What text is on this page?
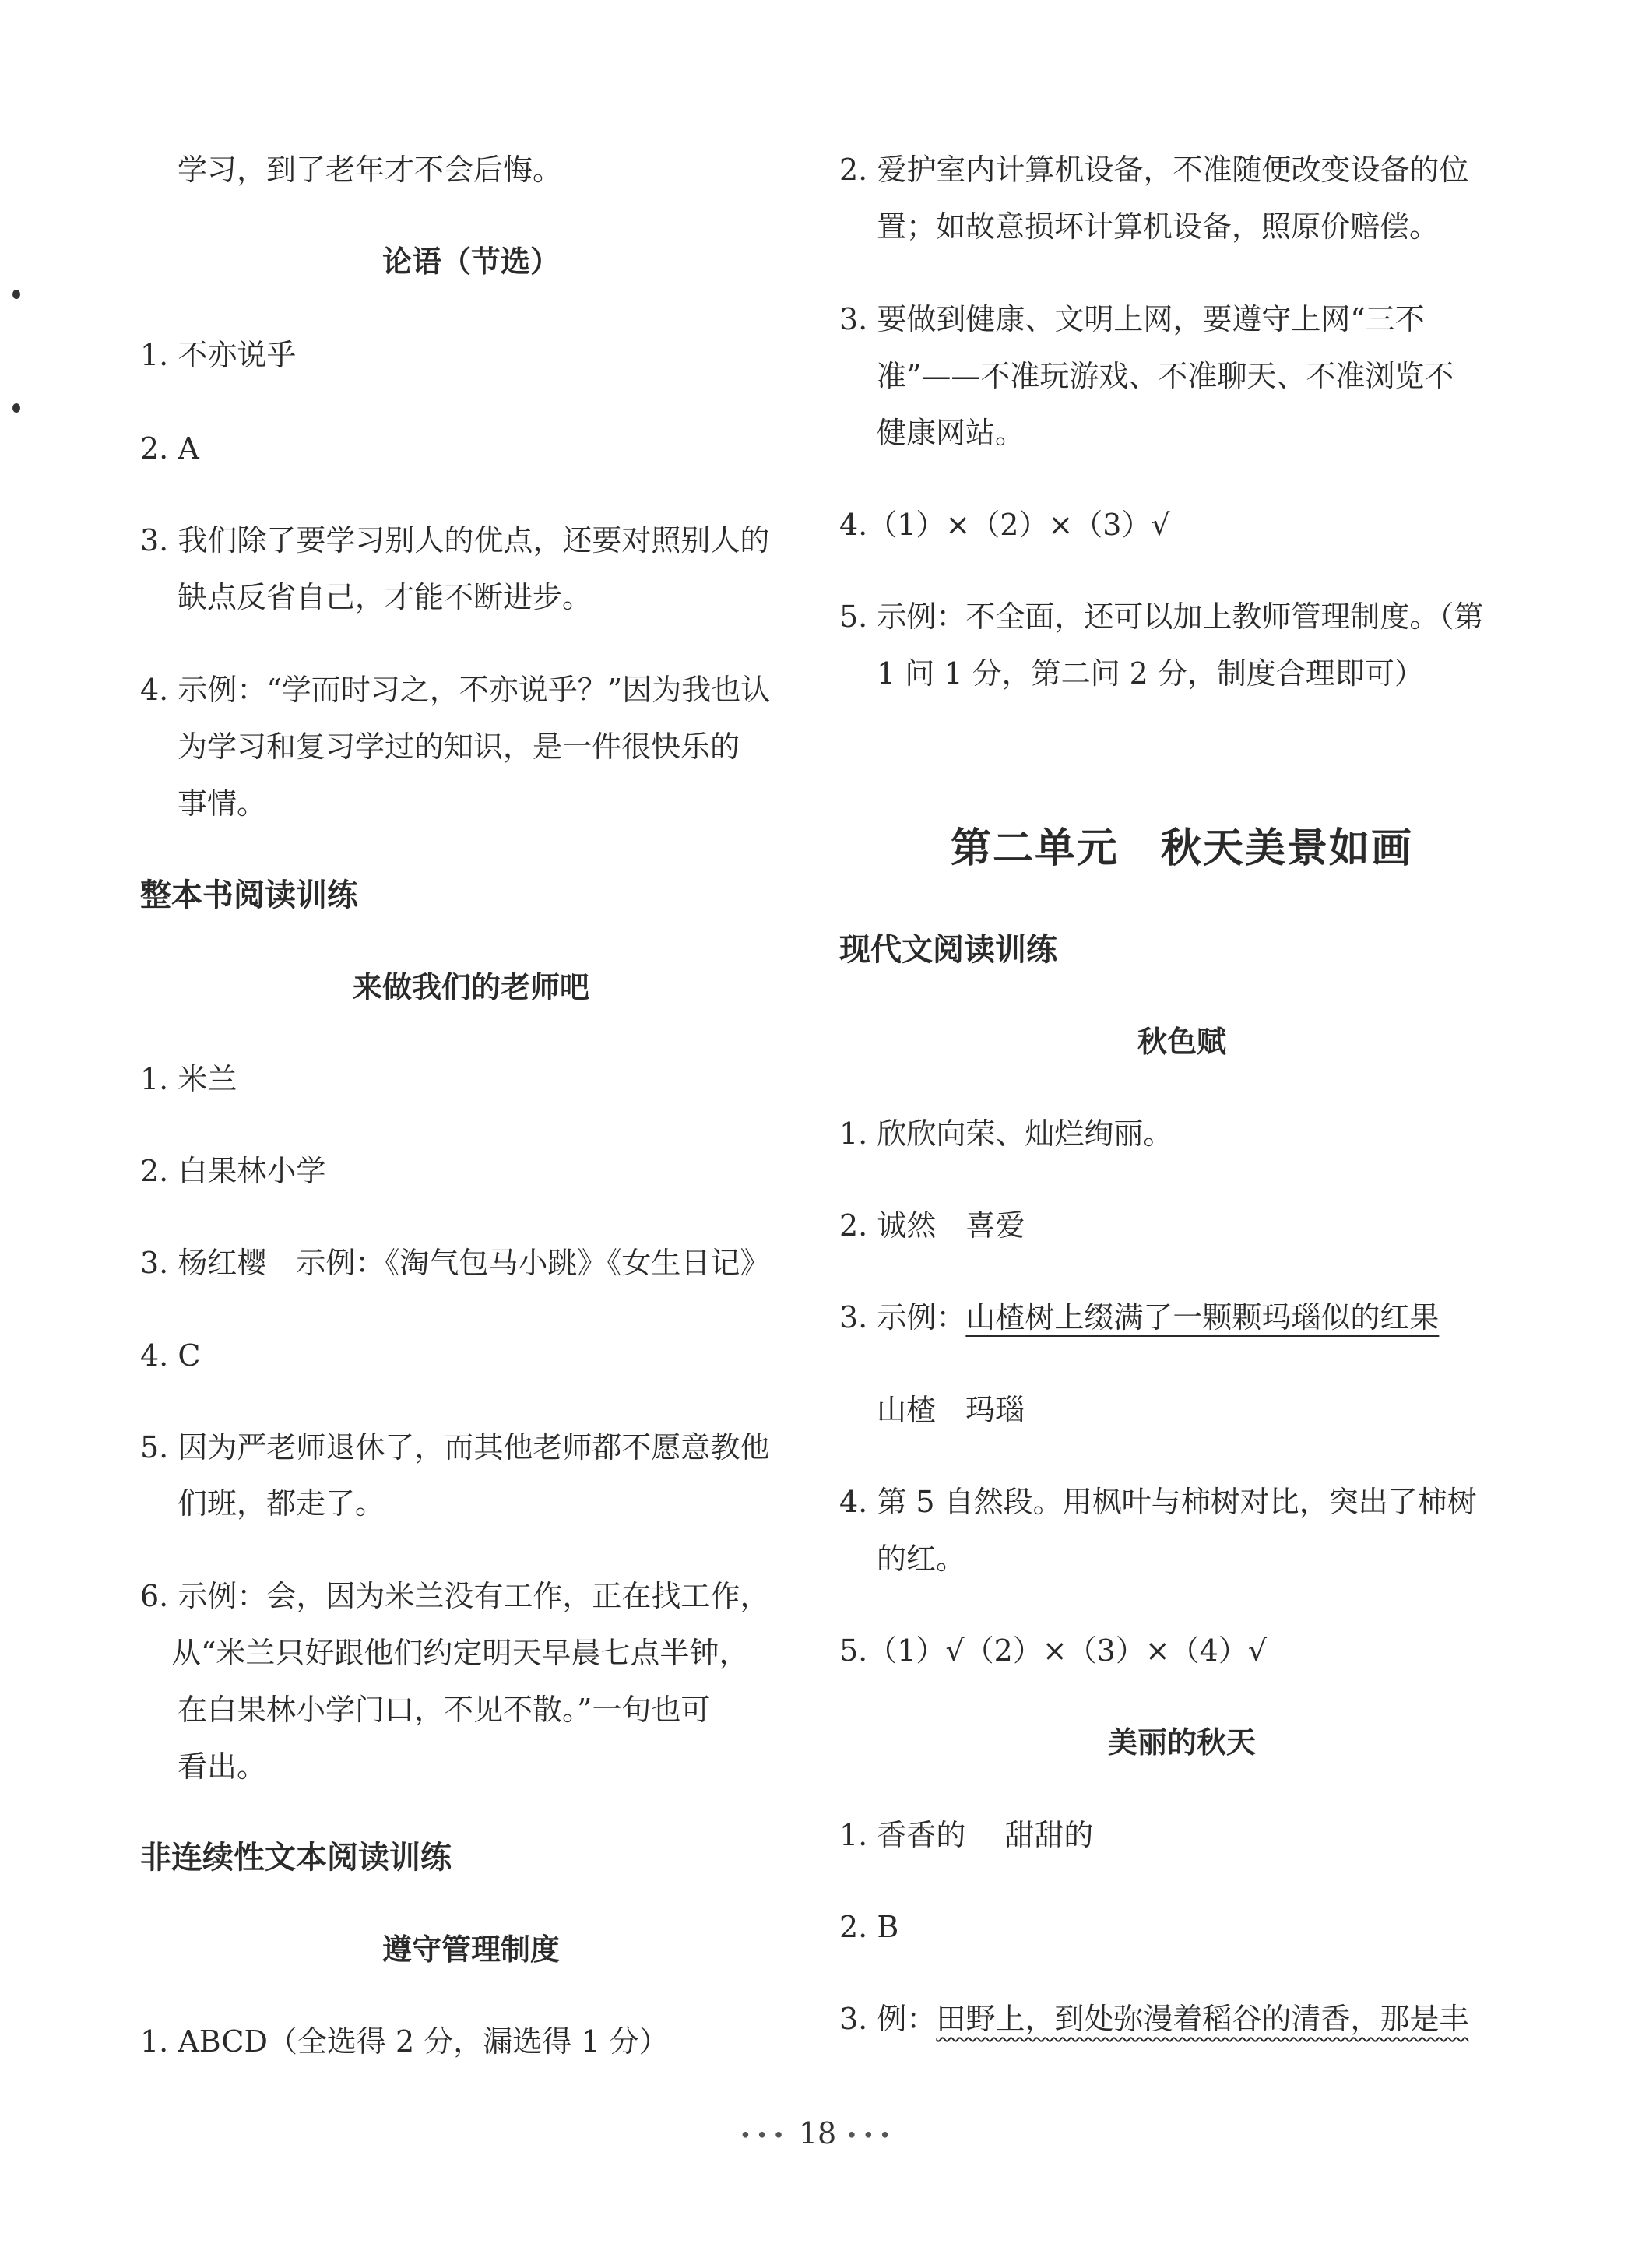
学习，到了老年才不会后悔。
论语（节选）
1. 不亦说乎
2. A
3. 我们除了要学习别人的优点，还要对照别人的
缺点反省自己，才能不断进步。
4. 示例：“学而时习之，不亦说乎？”因为我也认
为学习和复习学过的知识，是一件很快乐的
事情。
整本书阅读训练
来做我们的老师吧
1. 米兰
2. 白果林小学
3. 杨红樱　示例：《淘气包马小跳》《女生日记》
4. C
5. 因为严老师退休了，而其他老师都不愿意教他
们班，都走了。
6. 示例：会，因为米兰没有工作，正在找工作，
从“米兰只好跟他们约定明天早晨七点半钟，
在白果林小学门口，不见不散。”一句也可
看出。
非连续性文本阅读训练
遵守管理制度
1. ABCD（全选得 2 分，漏选得 1 分）
2. 爱护室内计算机设备，不准随便改变设备的位
置；如故意损坏计算机设备，照原价赔偿。
3. 要做到健康、文明上网，要遵守上网“三不
准”——不准玩游戏、不准聊天、不准浏览不
健康网站。
4.（1）×（2）×（3）√
5. 示例：不全面，还可以加上教师管理制度。（第
1 问 1 分，第二问 2 分，制度合理即可）
第二单元　秋天美景如画
现代文阅读训练
秋色赋
1. 欣欣向荣、灿烂绚丽。
2. 诚然　喜爱
3. 示例：山楂树上缀满了一颗颗玛瑙似的红果
山楂　玛瑙
4. 第 5 自然段。用枫叶与柿树对比，突出了柿树
的红。
5.（1）√（2）×（3）×（4）√
美丽的秋天
1. 香香的　 甜甜的
2. B
3. 例：田野上，到处弥漫着稻谷的清香，那是丰
••• 18 •••
